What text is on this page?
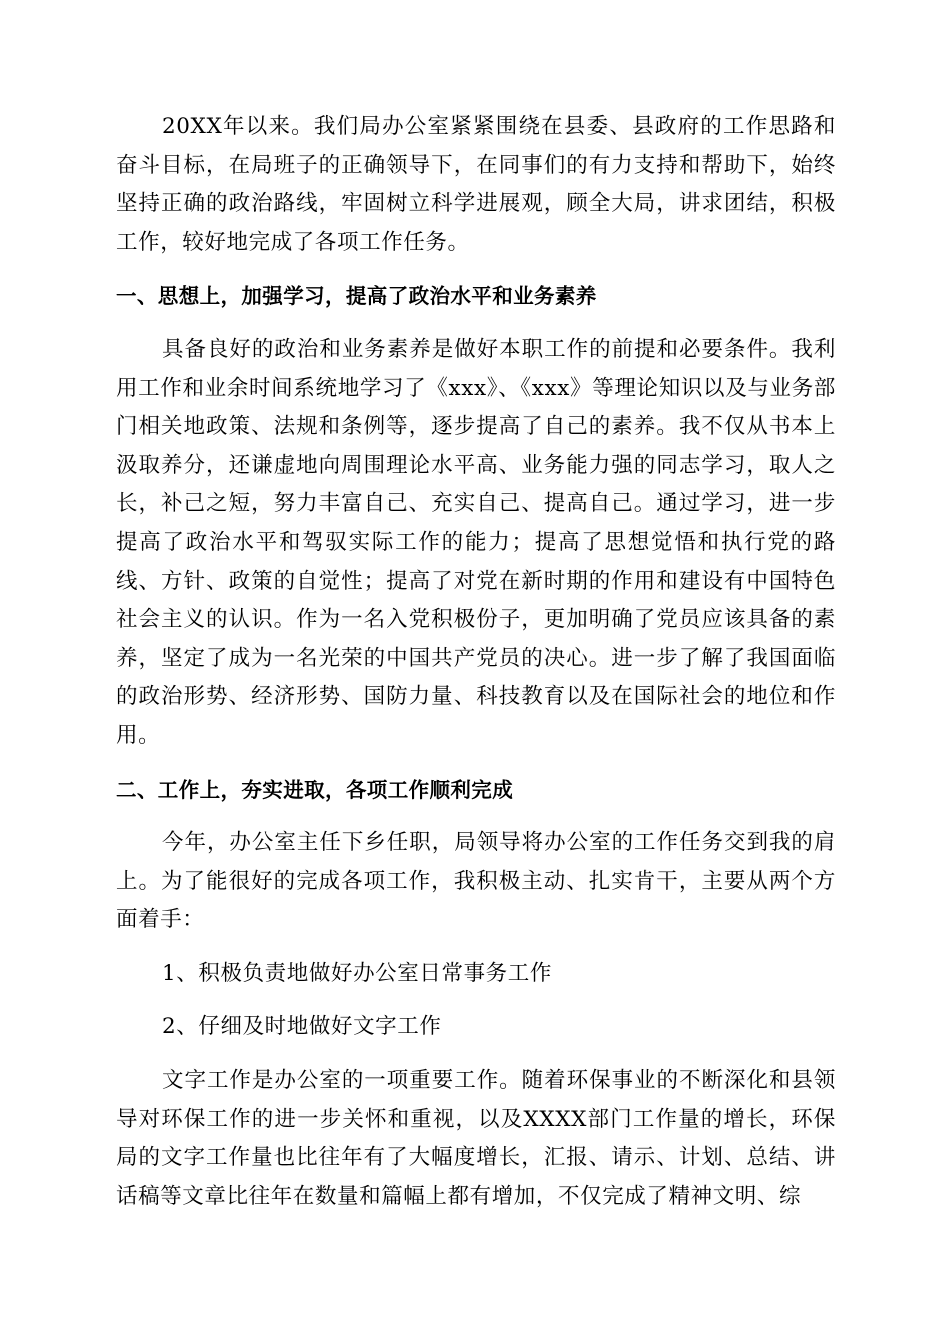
20XX年以来。我们局办公室紧紧围绕在县委、县政府的工作思路和奋斗目标，在局班子的正确领导下，在同事们的有力支持和帮助下，始终坚持正确的政治路线，牢固树立科学进展观，顾全大局，讲求团结，积极工作，较好地完成了各项工作任务。

一、思想上，加强学习，提高了政治水平和业务素养

具备良好的政治和业务素养是做好本职工作的前提和必要条件。我利用工作和业余时间系统地学习了《xxx》、《xxx》等理论知识以及与业务部门相关地政策、法规和条例等，逐步提高了自己的素养。我不仅从书本上汲取养分，还谦虚地向周围理论水平高、业务能力强的同志学习，取人之长，补己之短，努力丰富自己、充实自己、提高自己。通过学习，进一步提高了政治水平和驾驭实际工作的能力；提高了思想觉悟和执行党的路线、方针、政策的自觉性；提高了对党在新时期的作用和建设有中国特色社会主义的认识。作为一名入党积极份子，更加明确了党员应该具备的素养，坚定了成为一名光荣的中国共产党员的决心。进一步了解了我国面临的政治形势、经济形势、国防力量、科技教育以及在国际社会的地位和作用。

二、工作上，夯实进取，各项工作顺利完成

今年，办公室主任下乡任职，局领导将办公室的工作任务交到我的肩上。为了能很好的完成各项工作，我积极主动、扎实肯干，主要从两个方面着手：

1、积极负责地做好办公室日常事务工作

2、仔细及时地做好文字工作

文字工作是办公室的一项重要工作。随着环保事业的不断深化和县领导对环保工作的进一步关怀和重视，以及XXXX部门工作量的增长，环保局的文字工作量也比往年有了大幅度增长，汇报、请示、计划、总结、讲话稿等文章比往年在数量和篇幅上都有增加，不仅完成了精神文明、综
